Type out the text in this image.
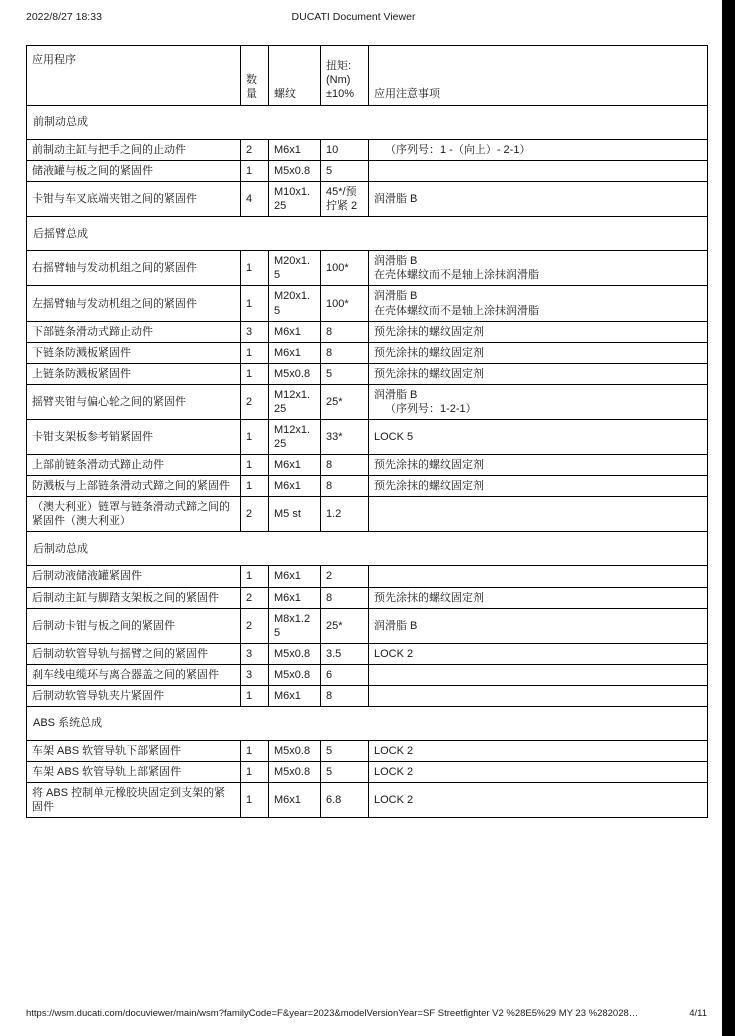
2022/8/27 18:33	DUCATI Document Viewer
应用程序	数量	螺纹	扭矩:
(Nm)
±10%	应用注意事项
前制动总成				
前制动主缸与把手之间的止动件	2	M6x1	10	（序列号：1 -（向上）- 2-1）

储液罐与板之间的紧固件	1	M5x0.8	5	

卡钳与车叉底端夹钳之间的紧固件	4	M10x1.25	45*/预拧紧 2	润滑脂 B

后摇臂总成				
右摇臂轴与发动机组之间的紧固件	1	M20x1.5	100*	润滑脂 B
在壳体螺纹而不是轴上涂抹润滑脂

左摇臂轴与发动机组之间的紧固件	1	M20x1.5	100*	润滑脂 B
在壳体螺纹而不是轴上涂抹润滑脂

下部链条滑动式蹄止动件	3	M6x1	8	预先涂抹的螺纹固定剂

下链条防溅板紧固件	1	M6x1	8	预先涂抹的螺纹固定剂

上链条防溅板紧固件	1	M5x0.8	5	预先涂抹的螺纹固定剂

摇臂夹钳与偏心轮之间的紧固件	2	M12x1.25	25*	润滑脂 B
（序列号：1-2-1）

卡钳支架板参考销紧固件	1	M12x1.25	33*	LOCK 5

上部前链条滑动式蹄止动件	1	M6x1	8	预先涂抹的螺纹固定剂

防溅板与上部链条滑动式蹄之间的紧固件	1	M6x1	8	预先涂抹的螺纹固定剂

（澳大利亚）链罩与链条滑动式蹄之间的紧固件（澳大利亚）	2	M5 st	1.2	

后制动总成				
后制动液储液罐紧固件	1	M6x1	2	

后制动主缸与脚踏支架板之间的紧固件	2	M6x1	8	预先涂抹的螺纹固定剂

后制动卡钳与板之间的紧固件	2	M8x1.25	25*	润滑脂 B

后制动软管导轨与摇臂之间的紧固件	3	M5x0.8	3.5	LOCK 2

刹车线电缆环与离合器盖之间的紧固件	3	M5x0.8	6	

后制动软管导轨夹片紧固件	1	M6x1	8	

ABS 系统总成				
车架 ABS 软管导轨下部紧固件	1	M5x0.8	5	LOCK 2

车架 ABS 软管导轨上部紧固件	1	M5x0.8	5	LOCK 2

将 ABS 控制单元橡胶块固定到支架的紧固件	1	M6x1	6.8	LOCK 2
https://wsm.ducati.com/docuviewer/main/wsm?familyCode=F&year=2023&modelVersionYear=SF Streetfighter V2 %28E5%29 MY 23 %282028…	4/11
